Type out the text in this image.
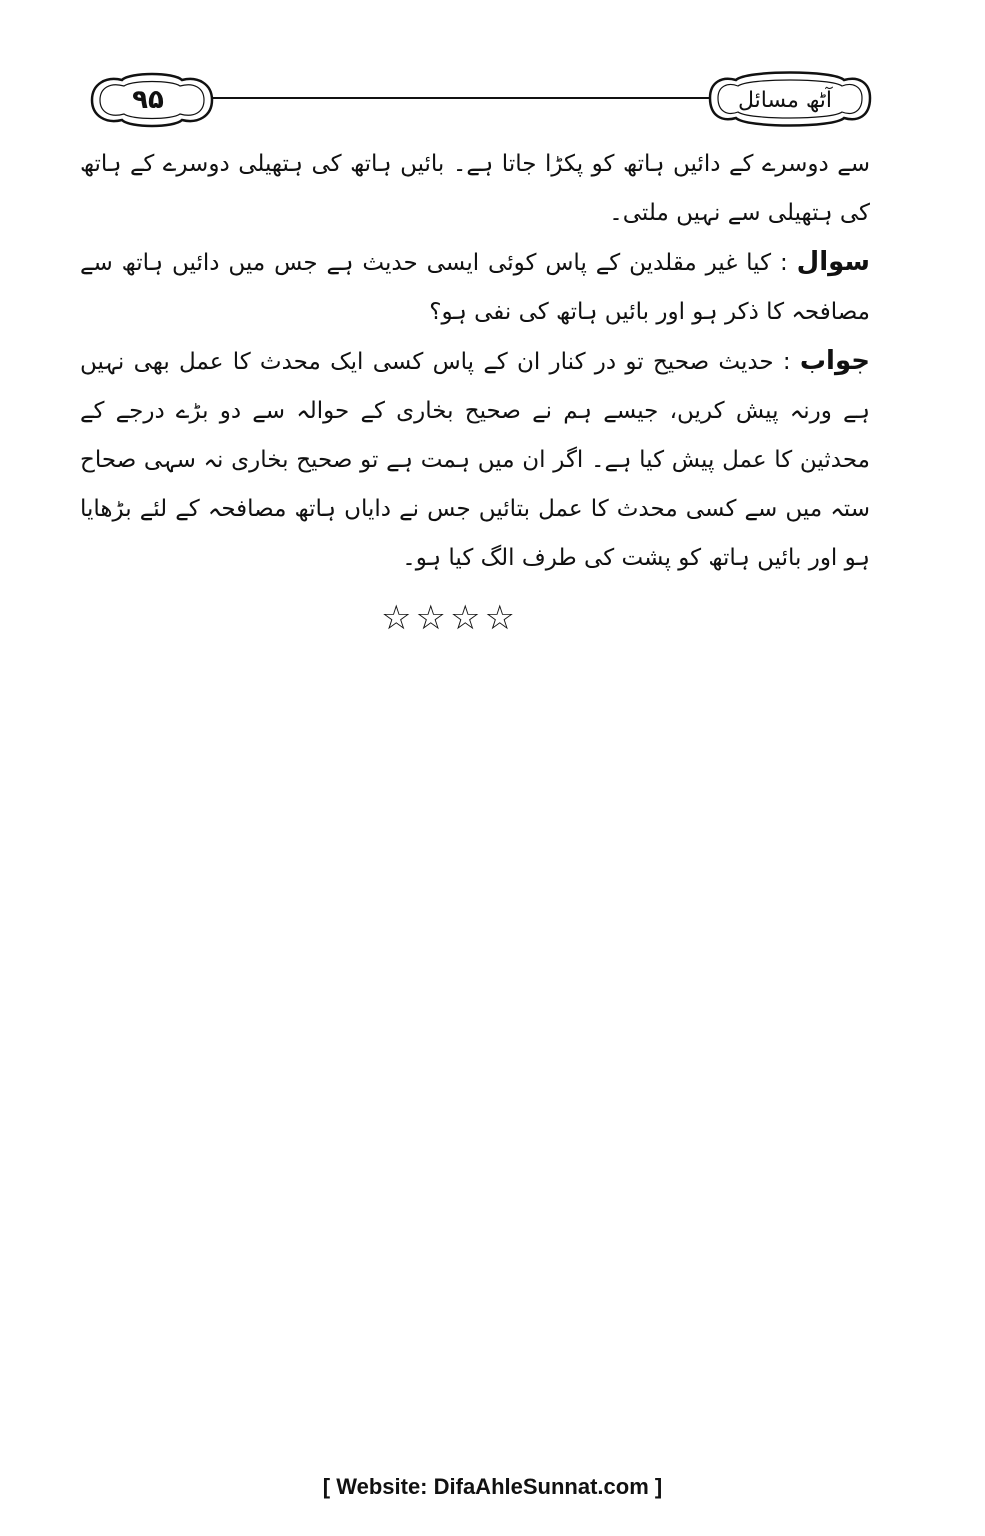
۹۵	آٹھ مسائل

سے دوسرے کے دائیں ہاتھ کو پکڑا جاتا ہے۔ بائیں ہاتھ کی ہتھیلی دوسرے کے ہاتھ کی ہتھیلی سے نہیں ملتی۔

سوال : کیا غیر مقلدین کے پاس کوئی ایسی حدیث ہے جس میں دائیں ہاتھ سے مصافحہ کا ذکر ہو اور بائیں ہاتھ کی نفی ہو؟

جواب : حدیث صحیح تو در کنار ان کے پاس کسی ایک محدث کا عمل بھی نہیں ہے ورنہ پیش کریں، جیسے ہم نے صحیح بخاری کے حوالہ سے دو بڑے درجے کے محدثین کا عمل پیش کیا ہے۔ اگر ان میں ہمت ہے تو صحیح بخاری نہ سہی صحاح ستہ میں سے کسی محدث کا عمل بتائیں جس نے دایاں ہاتھ مصافحہ کے لئے بڑھایا ہو اور بائیں ہاتھ کو پشت کی طرف الگ کیا ہو۔

☆☆☆☆
[ Website: DifaAhleSunnat.com ]
